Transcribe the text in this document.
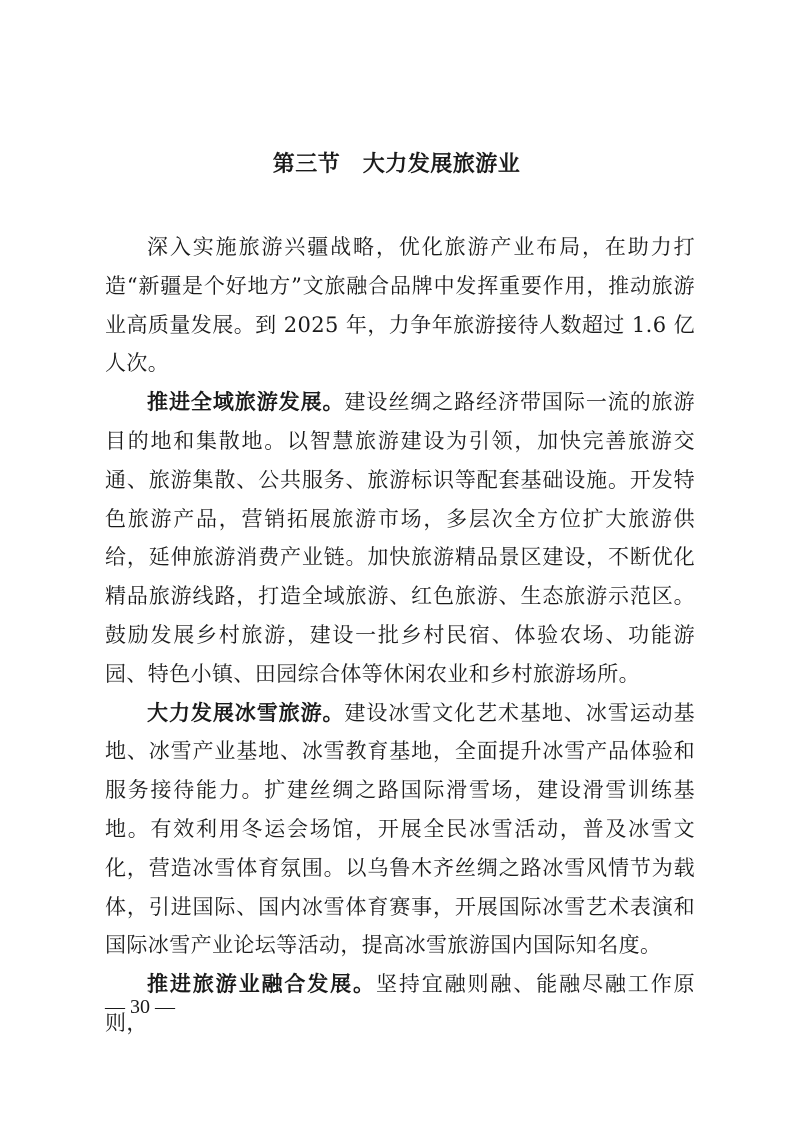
第三节　大力发展旅游业

深入实施旅游兴疆战略，优化旅游产业布局，在助力打造“新疆是个好地方”文旅融合品牌中发挥重要作用，推动旅游业高质量发展。到 2025 年，力争年旅游接待人数超过 1.6 亿人次。

推进全域旅游发展。建设丝绸之路经济带国际一流的旅游目的地和集散地。以智慧旅游建设为引领，加快完善旅游交通、旅游集散、公共服务、旅游标识等配套基础设施。开发特色旅游产品，营销拓展旅游市场，多层次全方位扩大旅游供给，延伸旅游消费产业链。加快旅游精品景区建设，不断优化精品旅游线路，打造全域旅游、红色旅游、生态旅游示范区。鼓励发展乡村旅游，建设一批乡村民宿、体验农场、功能游园、特色小镇、田园综合体等休闲农业和乡村旅游场所。

大力发展冰雪旅游。建设冰雪文化艺术基地、冰雪运动基地、冰雪产业基地、冰雪教育基地，全面提升冰雪产品体验和服务接待能力。扩建丝绸之路国际滑雪场，建设滑雪训练基地。有效利用冬运会场馆，开展全民冰雪活动，普及冰雪文化，营造冰雪体育氛围。以乌鲁木齐丝绸之路冰雪风情节为载体，引进国际、国内冰雪体育赛事，开展国际冰雪艺术表演和国际冰雪产业论坛等活动，提高冰雪旅游国内国际知名度。

推进旅游业融合发展。坚持宜融则融、能融尽融工作原则，

— 30 —
